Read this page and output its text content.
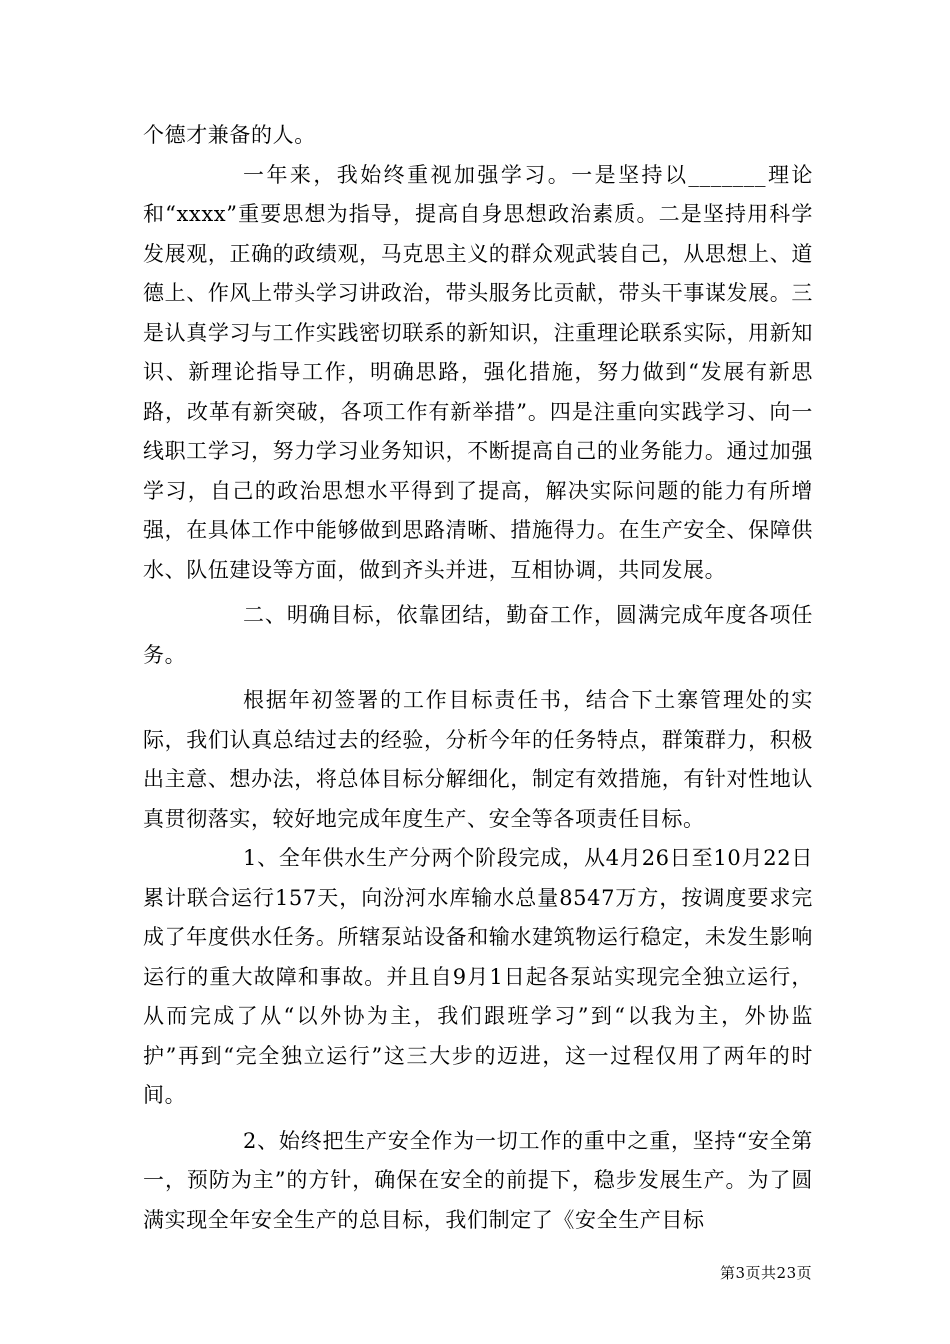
个德才兼备的人。

一年来，我始终重视加强学习。一是坚持以_______理论和“xxxx”重要思想为指导，提高自身思想政治素质。二是坚持用科学发展观，正确的政绩观，马克思主义的群众观武装自己，从思想上、道德上、作风上带头学习讲政治，带头服务比贡献，带头干事谋发展。三是认真学习与工作实践密切联系的新知识，注重理论联系实际，用新知识、新理论指导工作，明确思路，强化措施，努力做到“发展有新思路，改革有新突破，各项工作有新举措”。四是注重向实践学习、向一线职工学习，努力学习业务知识，不断提高自己的业务能力。通过加强学习，自己的政治思想水平得到了提高，解决实际问题的能力有所增强，在具体工作中能够做到思路清晰、措施得力。在生产安全、保障供水、队伍建设等方面，做到齐头并进，互相协调，共同发展。

二、明确目标，依靠团结，勤奋工作，圆满完成年度各项任务。

根据年初签署的工作目标责任书，结合下土寨管理处的实际，我们认真总结过去的经验，分析今年的任务特点，群策群力，积极出主意、想办法，将总体目标分解细化，制定有效措施，有针对性地认真贯彻落实，较好地完成年度生产、安全等各项责任目标。

1、全年供水生产分两个阶段完成，从4月26日至10月22日累计联合运行157天，向汾河水库输水总量8547万方，按调度要求完成了年度供水任务。所辖泵站设备和输水建筑物运行稳定，未发生影响运行的重大故障和事故。并且自9月1日起各泵站实现完全独立运行，从而完成了从“以外协为主，我们跟班学习”到“以我为主，外协监护”再到“完全独立运行”这三大步的迈进，这一过程仅用了两年的时间。

2、始终把生产安全作为一切工作的重中之重，坚持“安全第一，预防为主”的方针，确保在安全的前提下，稳步发展生产。为了圆满实现全年安全生产的总目标，我们制定了《安全生产目标

第3页共23页
